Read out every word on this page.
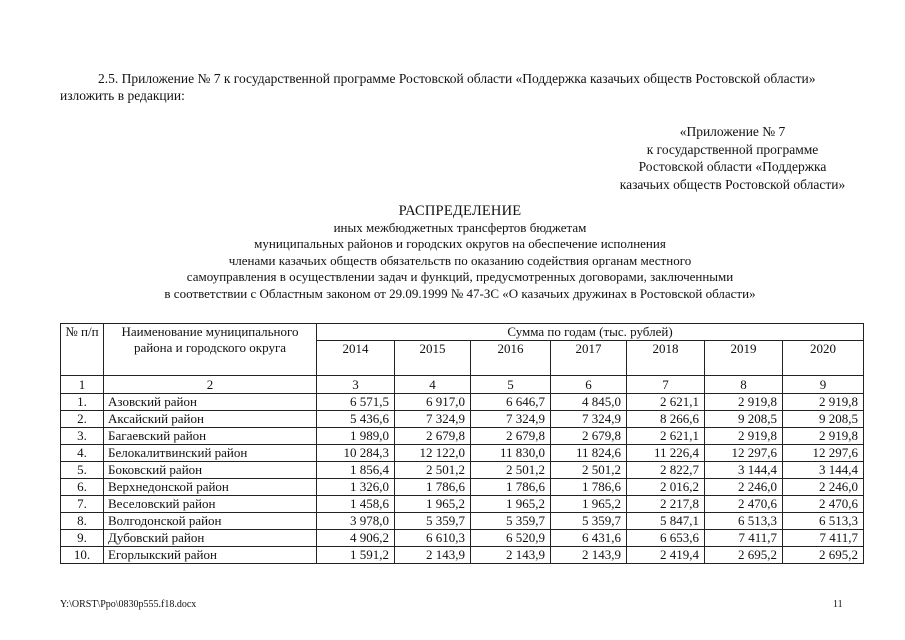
2.5. Приложение № 7 к государственной программе Ростовской области «Поддержка казачьих обществ Ростовской области» изложить в редакции:
«Приложение № 7
к государственной программе
Ростовской области «Поддержка
казачьих обществ Ростовской области»
РАСПРЕДЕЛЕНИЕ
иных межбюджетных трансфертов бюджетам
муниципальных районов и городских округов на обеспечение исполнения
членами казачьих обществ обязательств по оказанию содействия органам местного
самоуправления в осуществлении задач и функций, предусмотренных договорами, заключенными
в соответствии с Областным законом от 29.09.1999 № 47-ЗС «О казачьих дружинах в Ростовской области»
№ п/п	Наименование муниципального района и городского округа	Сумма по годам (тыс. рублей)						
		2014	2015	2016	2017	2018	2019	2020
1	2	3	4	5	6	7	8	9
1.	Азовский район	6 571,5	6 917,0	6 646,7	4 845,0	2 621,1	2 919,8	2 919,8
2.	Аксайский район	5 436,6	7 324,9	7 324,9	7 324,9	8 266,6	9 208,5	9 208,5
3.	Багаевский район	1 989,0	2 679,8	2 679,8	2 679,8	2 621,1	2 919,8	2 919,8
4.	Белокалитвинский район	10 284,3	12 122,0	11 830,0	11 824,6	11 226,4	12 297,6	12 297,6
5.	Боковский район	1 856,4	2 501,2	2 501,2	2 501,2	2 822,7	3 144,4	3 144,4
6.	Верхнедонской район	1 326,0	1 786,6	1 786,6	1 786,6	2 016,2	2 246,0	2 246,0
7.	Веселовский район	1 458,6	1 965,2	1 965,2	1 965,2	2 217,8	2 470,6	2 470,6
8.	Волгодонской район	3 978,0	5 359,7	5 359,7	5 359,7	5 847,1	6 513,3	6 513,3
9.	Дубовский район	4 906,2	6 610,3	6 520,9	6 431,6	6 653,6	7 411,7	7 411,7
10.	Егорлыкский район	1 591,2	2 143,9	2 143,9	2 143,9	2 419,4	2 695,2	2 695,2
Y:\ORST\Ppo\0830p555.f18.docx	11
